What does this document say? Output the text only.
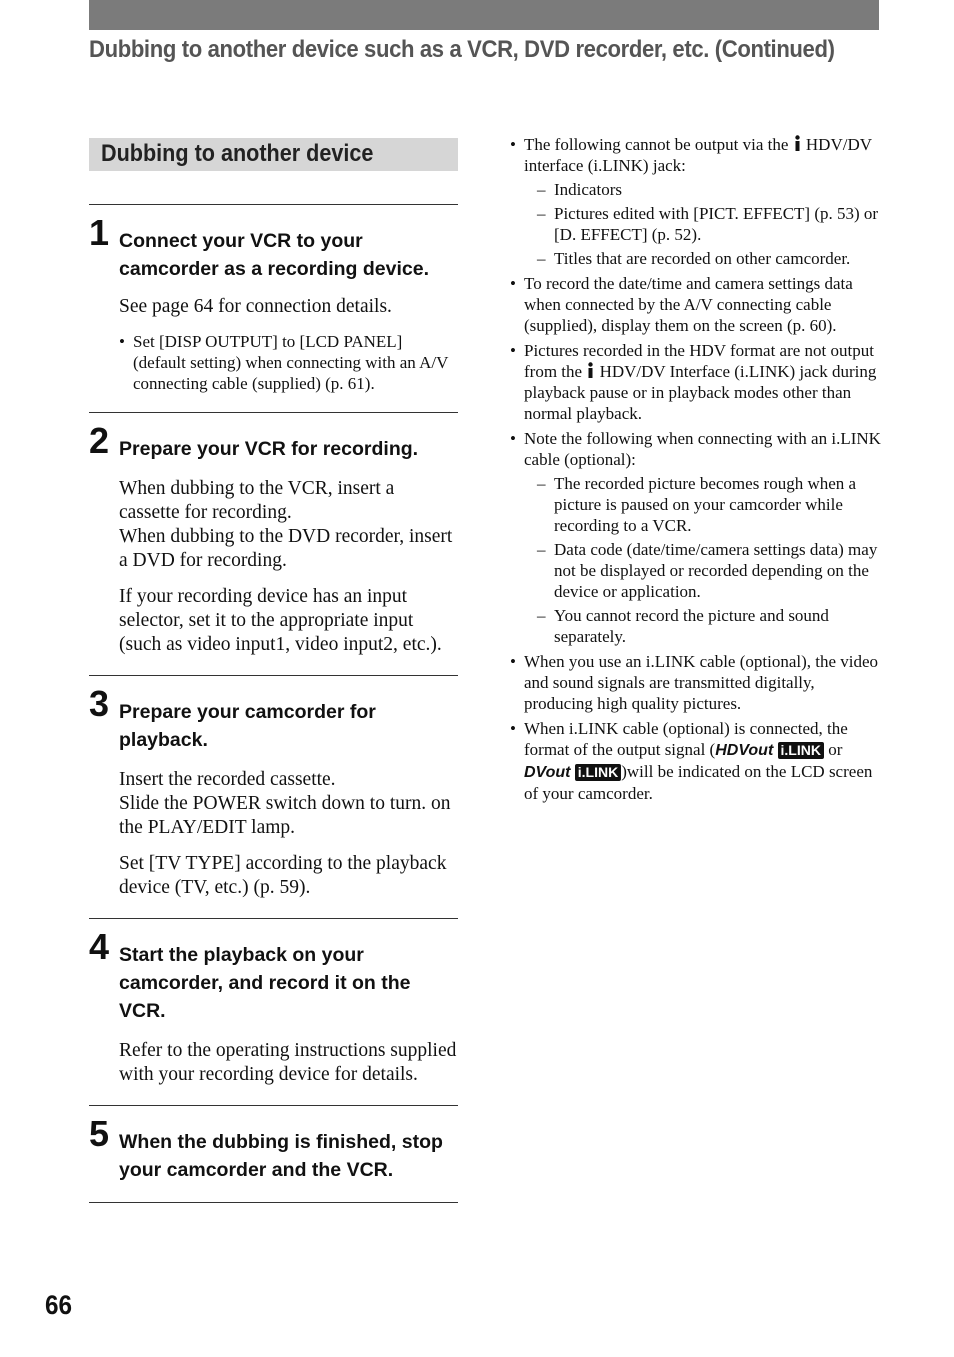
Dubbing to another device such as a VCR, DVD recorder, etc. (Continued)
Dubbing to another device
1 Connect your VCR to your camcorder as a recording device.

See page 64 for connection details.

• Set [DISP OUTPUT] to [LCD PANEL] (default setting) when connecting with an A/V connecting cable (supplied) (p. 61).
2 Prepare your VCR for recording.

When dubbing to the VCR, insert a cassette for recording.
When dubbing to the DVD recorder, insert a DVD for recording.

If your recording device has an input selector, set it to the appropriate input (such as video input1, video input2, etc.).

3 Prepare your camcorder for playback.

Insert the recorded cassette.
Slide the POWER switch down to turn. on the PLAY/EDIT lamp.

Set [TV TYPE] according to the playback device (TV, etc.) (p. 59).

4 Start the playback on your camcorder, and record it on the VCR.

Refer to the operating instructions supplied with your recording device for details.

5 When the dubbing is finished, stop your camcorder and the VCR.
• The following cannot be output via the HDV/DV interface (i.LINK) jack:
– Indicators
– Pictures edited with [PICT. EFFECT] (p. 53) or [D. EFFECT] (p. 52).
– Titles that are recorded on other camcorder.
• To record the date/time and camera settings data when connected by the A/V connecting cable (supplied), display them on the screen (p. 60).
• Pictures recorded in the HDV format are not output from the HDV/DV Interface (i.LINK) jack during playback pause or in playback modes other than normal playback.
• Note the following when connecting with an i.LINK cable (optional):
– The recorded picture becomes rough when a picture is paused on your camcorder while recording to a VCR.
– Data code (date/time/camera settings data) may not be displayed or recorded depending on the device or application.
– You cannot record the picture and sound separately.
• When you use an i.LINK cable (optional), the video and sound signals are transmitted digitally, producing high quality pictures.
• When i.LINK cable (optional) is connected, the format of the output signal (HDVout i.LINK or DVout i.LINK )will be indicated on the LCD screen of your camcorder.
66
